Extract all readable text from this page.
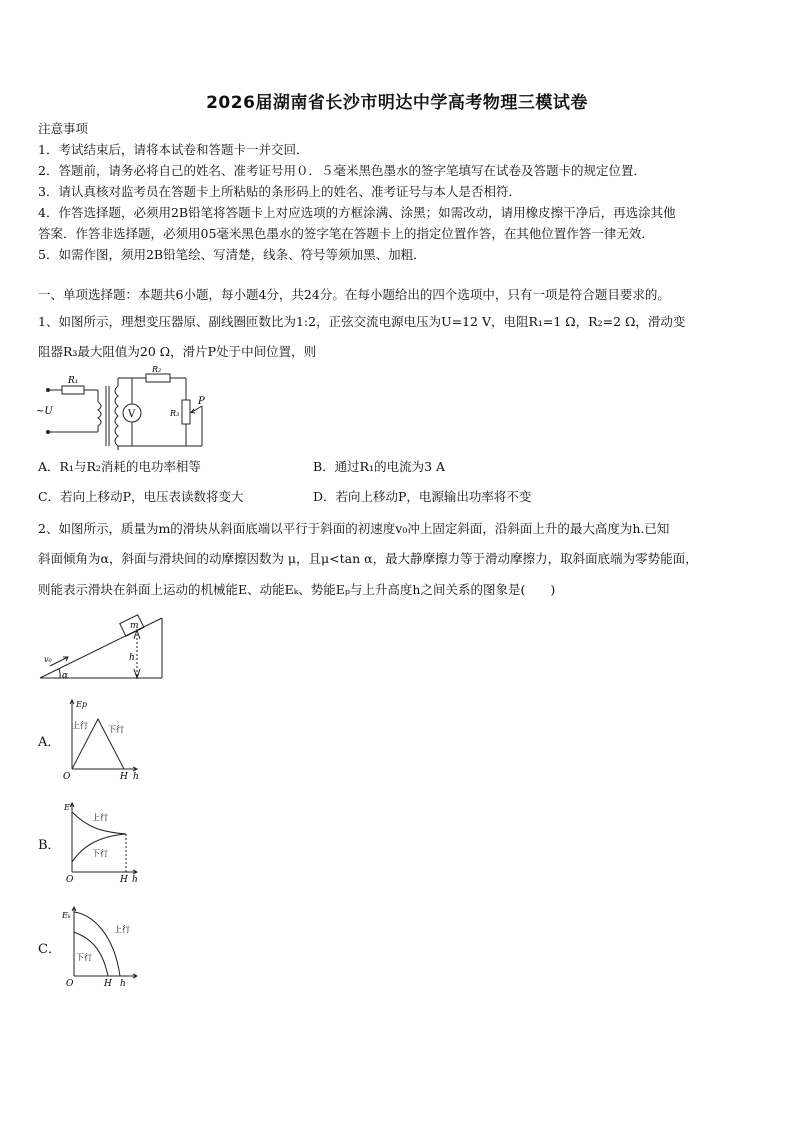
2026届湖南省长沙市明达中学高考物理三模试卷
注意事项
1．考试结束后，请将本试卷和答题卡一并交回．
2．答题前，请务必将自己的姓名、准考证号用０．５毫米黑色墨水的签字笔填写在试卷及答题卡的规定位置．
3．请认真核对监考员在答题卡上所粘贴的条形码上的姓名、准考证号与本人是否相符．
4．作答选择题，必须用2B铅笔将答题卡上对应选项的方框涂满、涂黑；如需改动，请用橡皮擦干净后，再选涂其他
答案．作答非选择题，必须用05毫米黑色墨水的签字笔在答题卡上的指定位置作答，在其他位置作答一律无效．
5．如需作图，须用2B铅笔绘、写清楚，线条、符号等须加黑、加粗．
一、单项选择题：本题共6小题，每小题4分，共24分。在每小题给出的四个选项中，只有一项是符合题目要求的。
1、如图所示，理想变压器原、副线圈匝数比为1:2，正弦交流电源电压为U=12 V，电阻R₁=1 Ω，R₂=2 Ω，滑动变
阻器R₃最大阻值为20 Ω，滑片P处于中间位置，则
~U
R₁
R₂
R₃
V
P
A．R₁与R₂消耗的电功率相等	B．通过R₁的电流为3 A
C．若向上移动P，电压表读数将变大	D．若向上移动P，电源输出功率将不变
2、如图所示，质量为m的滑块从斜面底端以平行于斜面的初速度v₀冲上固定斜面，沿斜面上升的最大高度为h.已知
斜面倾角为α，斜面与滑块间的动摩擦因数为 μ，且μ<tan α，最大静摩擦力等于滑动摩擦力，取斜面底端为零势能面，
则能表示滑块在斜面上运动的机械能E、动能Eₖ、势能Eₚ与上升高度h之间关系的图象是(　　)
m
v₀	h
α
A．
Ep
上行	下行
O	H h
B．
E
上行
下行
O	H h
C．
Eₖ
上行
下行
O	H h
